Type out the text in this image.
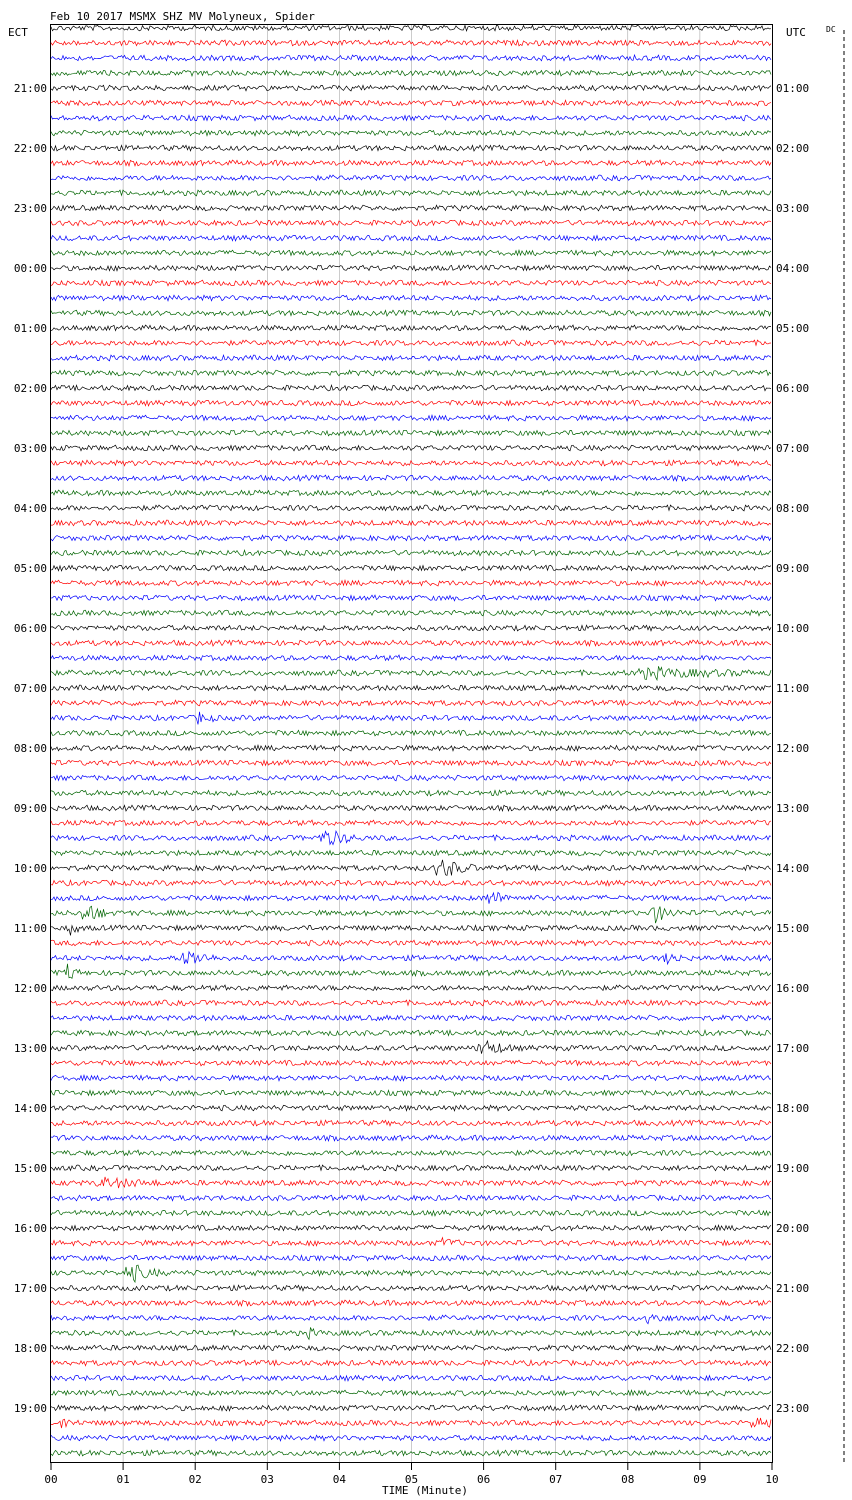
Feb 10 2017 MSMX SHZ MV Molyneux, Spider
ECT	UTC	DC
21:00
22:00
23:00
00:00
01:00
02:00
03:00
04:00
05:00
06:00
07:00
08:00
09:00
10:00
11:00
12:00
13:00
14:00
15:00
16:00
17:00
18:00
19:00
01:00
02:00
03:00
04:00
05:00
06:00
07:00
08:00
09:00
10:00
11:00
12:00
13:00
14:00
15:00
16:00
17:00
18:00
19:00
20:00
21:00
22:00
23:00
00	01	02	03	04	05	06	07	08	09	10
TIME (Minute)
